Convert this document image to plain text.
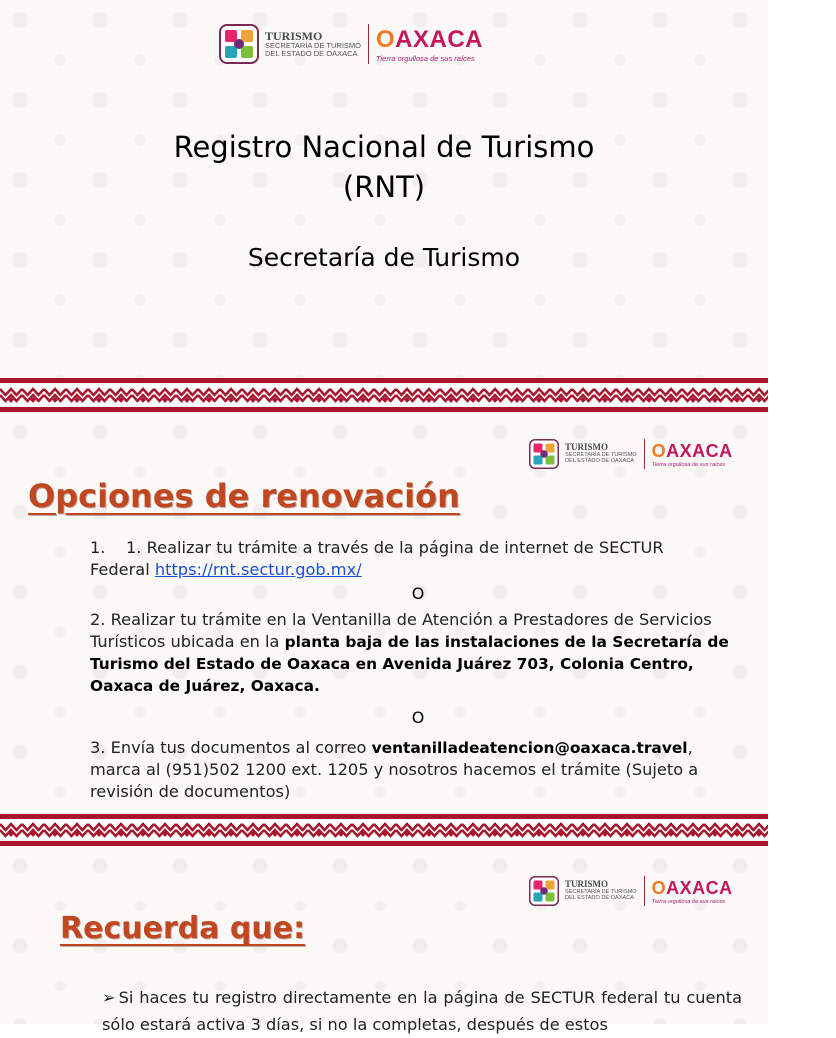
TURISMO
SECRETARÍA DE TURISMO
DEL ESTADO DE OAXACA
O AXACA
Tierra orgullosa de sus raíces
Registro Nacional de Turismo
(RNT)
Secretaría de Turismo
TURISMO
SECRETARÍA DE TURISMO
DEL ESTADO DE OAXACA
O AXACA
Tierra orgullosa de sus raíces
Opciones de renovación
1. 1. Realizar tu trámite a través de la página de internet de SECTUR
Federal https://rnt.sectur.gob.mx/
O
2. Realizar tu trámite en la Ventanilla de Atención a Prestadores de Servicios Turísticos ubicada en la planta baja de las instalaciones de la Secretaría de Turismo del Estado de Oaxaca en Avenida Juárez 703, Colonia Centro, Oaxaca de Juárez, Oaxaca.
O
3. Envía tus documentos al correo ventanilladeatencion@oaxaca.travel, marca al (951)502 1200 ext. 1205 y nosotros hacemos el trámite (Sujeto a revisión de documentos)
TURISMO
SECRETARÍA DE TURISMO
DEL ESTADO DE OAXACA
O AXACA
Tierra orgullosa de sus raíces
Recuerda que:
➢ Si haces tu registro directamente en la página de SECTUR federal tu cuenta sólo estará activa 3 días, si no la completas, después de estos
